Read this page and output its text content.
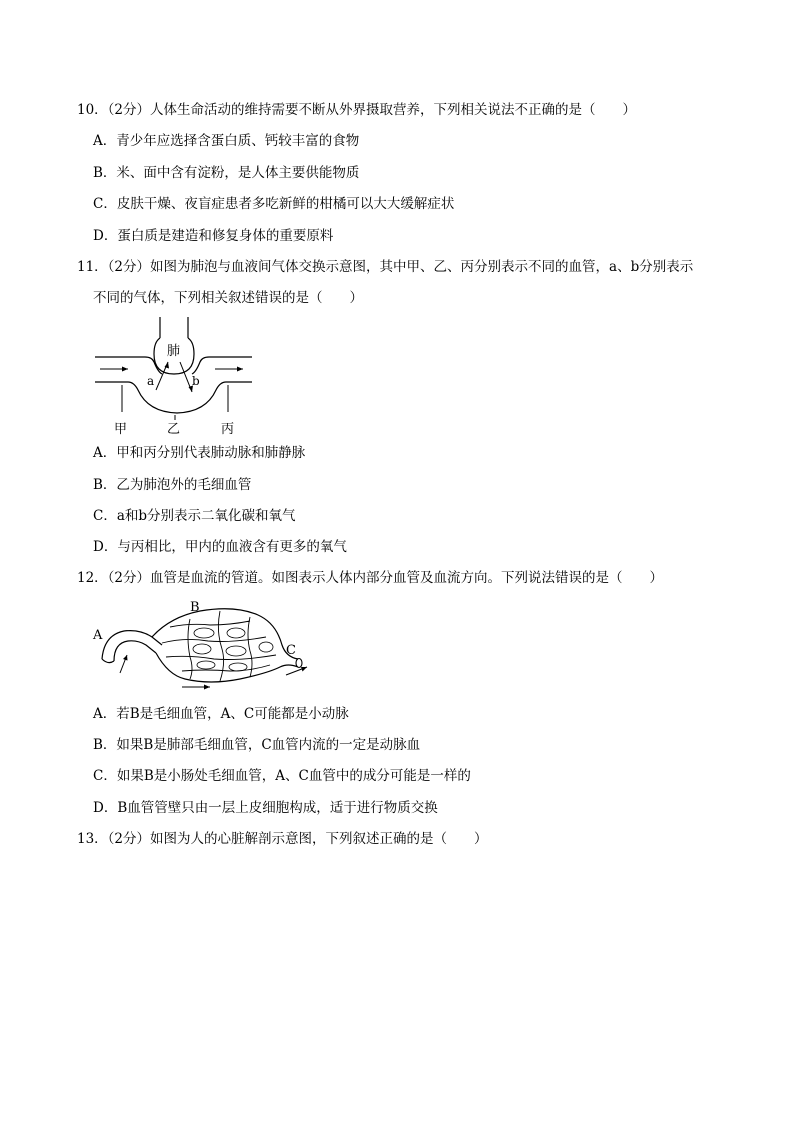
10．（2分）人体生命活动的维持需要不断从外界摄取营养，下列相关说法不正确的是（　　）
A．青少年应选择含蛋白质、钙较丰富的食物
B．米、面中含有淀粉，是人体主要供能物质
C．皮肤干燥、夜盲症患者多吃新鲜的柑橘可以大大缓解症状
D．蛋白质是建造和修复身体的重要原料
11．（2分）如图为肺泡与血液间气体交换示意图，其中甲、乙、丙分别表示不同的血管，a、b分别表示
不同的气体，下列相关叙述错误的是（　　）
肺
a	b
甲	乙	丙
A．甲和丙分别代表肺动脉和肺静脉
B．乙为肺泡外的毛细血管
C．a和b分别表示二氧化碳和氧气
D．与丙相比，甲内的血液含有更多的氧气
12．（2分）血管是血流的管道。如图表示人体内部分血管及血流方向。下列说法错误的是（　　）
A
B
C
A．若B是毛细血管，A、C可能都是小动脉
B．如果B是肺部毛细血管，C血管内流的一定是动脉血
C．如果B是小肠处毛细血管，A、C血管中的成分可能是一样的
D．B血管管壁只由一层上皮细胞构成，适于进行物质交换
13．（2分）如图为人的心脏解剖示意图，下列叙述正确的是（　　）
